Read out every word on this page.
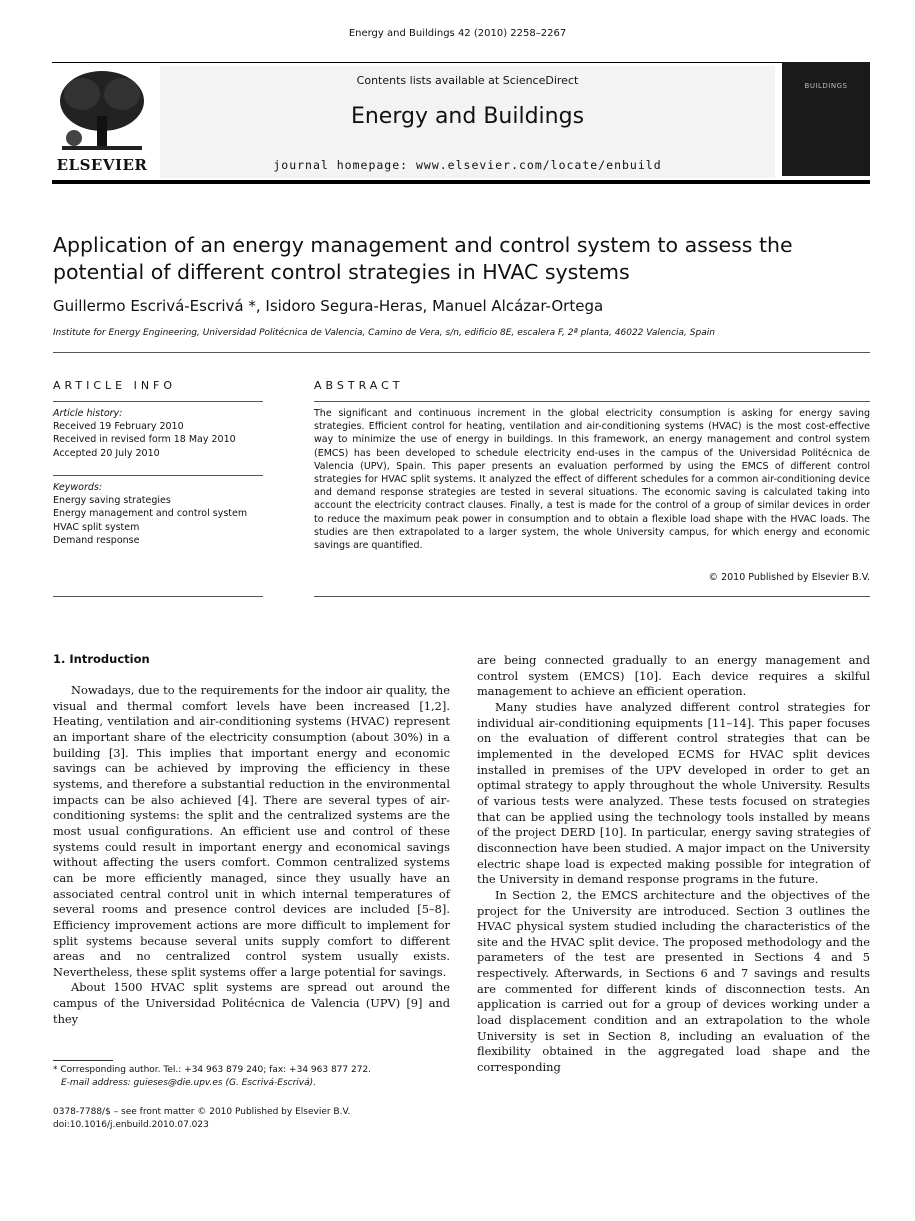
Energy and Buildings 42 (2010) 2258–2267
ELSEVIER
Contents lists available at ScienceDirect
Energy and Buildings
journal homepage: www.elsevier.com/locate/enbuild
BUILDINGS
Application of an energy management and control system to assess the potential of different control strategies in HVAC systems
Guillermo Escrivá-Escrivá *, Isidoro Segura-Heras, Manuel Alcázar-Ortega
Institute for Energy Engineering, Universidad Politécnica de Valencia, Camino de Vera, s/n, edificio 8E, escalera F, 2ª planta, 46022 Valencia, Spain
ARTICLE INFO	ABSTRACT
Article history:
Received 19 February 2010
Received in revised form 18 May 2010
Accepted 20 July 2010
Keywords:
Energy saving strategies
Energy management and control system
HVAC split system
Demand response
The significant and continuous increment in the global electricity consumption is asking for energy saving strategies. Efficient control for heating, ventilation and air-conditioning systems (HVAC) is the most cost-effective way to minimize the use of energy in buildings. In this framework, an energy management and control system (EMCS) has been developed to schedule electricity end-uses in the campus of the Universidad Politécnica de Valencia (UPV), Spain. This paper presents an evaluation performed by using the EMCS of different control strategies for HVAC split systems. It analyzed the effect of different schedules for a common air-conditioning device and demand response strategies are tested in several situations. The economic saving is calculated taking into account the electricity contract clauses. Finally, a test is made for the control of a group of similar devices in order to reduce the maximum peak power in consumption and to obtain a flexible load shape with the HVAC loads. The studies are then extrapolated to a larger system, the whole University campus, for which energy and economic savings are quantified.
© 2010 Published by Elsevier B.V.
1. Introduction

Nowadays, due to the requirements for the indoor air quality, the visual and thermal comfort levels have been increased [1,2]. Heating, ventilation and air-conditioning systems (HVAC) represent an important share of the electricity consumption (about 30%) in a building [3]. This implies that important energy and economic savings can be achieved by improving the efficiency in these systems, and therefore a substantial reduction in the environmental impacts can be also achieved [4]. There are several types of air-conditioning systems: the split and the centralized systems are the most usual configurations. An efficient use and control of these systems could result in important energy and economical savings without affecting the users comfort. Common centralized systems can be more efficiently managed, since they usually have an associated central control unit in which internal temperatures of several rooms and presence control devices are included [5–8]. Efficiency improvement actions are more difficult to implement for split systems because several units supply comfort to different areas and no centralized control system usually exists. Nevertheless, these split systems offer a large potential for savings.

About 1500 HVAC split systems are spread out around the campus of the Universidad Politécnica de Valencia (UPV) [9] and they

are being connected gradually to an energy management and control system (EMCS) [10]. Each device requires a skilful management to achieve an efficient operation.

Many studies have analyzed different control strategies for individual air-conditioning equipments [11–14]. This paper focuses on the evaluation of different control strategies that can be implemented in the developed ECMS for HVAC split devices installed in premises of the UPV developed in order to get an optimal strategy to apply throughout the whole University. Results of various tests were analyzed. These tests focused on strategies that can be applied using the technology tools installed by means of the project DERD [10]. In particular, energy saving strategies of disconnection have been studied. A major impact on the University electric shape load is expected making possible for integration of the University in demand response programs in the future.

In Section 2, the EMCS architecture and the objectives of the project for the University are introduced. Section 3 outlines the HVAC physical system studied including the characteristics of the site and the HVAC split device. The proposed methodology and the parameters of the test are presented in Sections 4 and 5 respectively. Afterwards, in Sections 6 and 7 savings and results are commented for different kinds of disconnection tests. An application is carried out for a group of devices working under a load displacement condition and an extrapolation to the whole University is set in Section 8, including an evaluation of the flexibility obtained in the aggregated load shape and the corresponding

* Corresponding author. Tel.: +34 963 879 240; fax: +34 963 877 272.
E-mail address: guieses@die.upv.es (G. Escrivá-Escrivá).
0378-7788/$ – see front matter © 2010 Published by Elsevier B.V.
doi:10.1016/j.enbuild.2010.07.023
